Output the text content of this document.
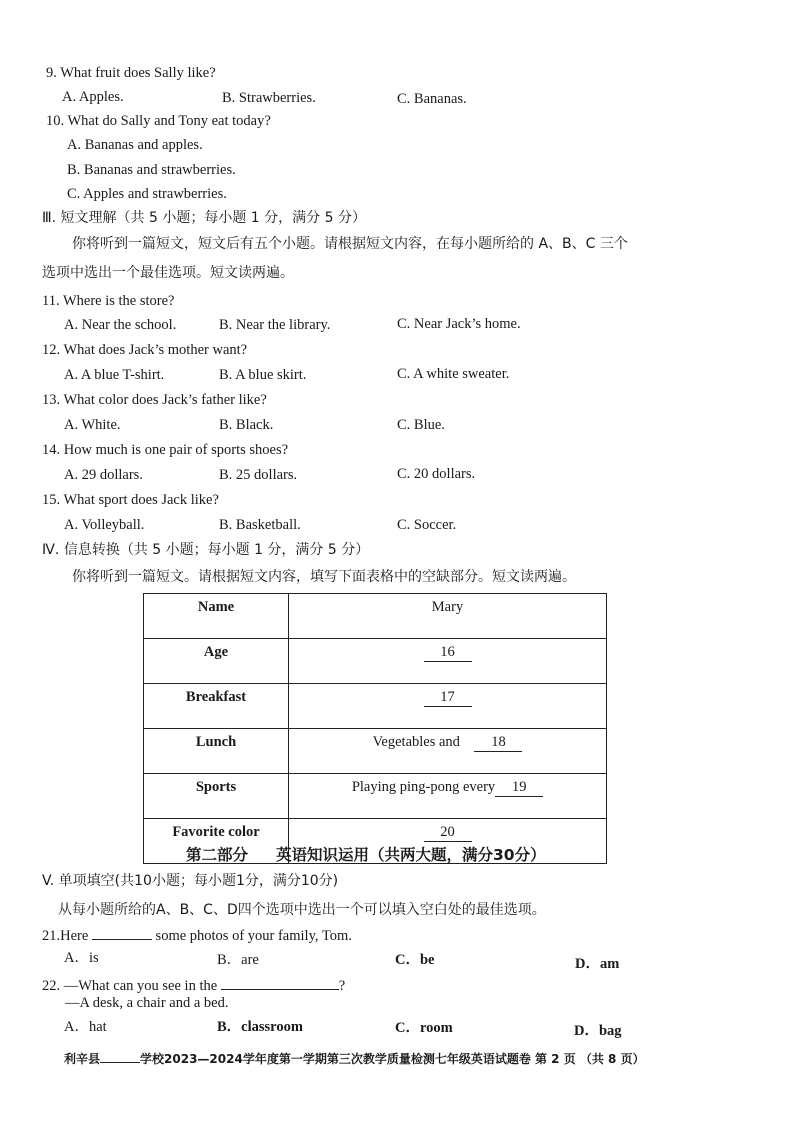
9. What fruit does Sally like?
A. Apples.	B. Strawberries.	C. Bananas.
10. What do Sally and Tony eat today?
A. Bananas and apples.
B. Bananas and strawberries.
C. Apples and strawberries.
Ⅲ. 短文理解（共 5 小题；每小题 1 分，满分 5 分）
你将听到一篇短文，短文后有五个小题。请根据短文内容，在每小题所给的 A、B、C 三个
选项中选出一个最佳选项。短文读两遍。
11. Where is the store?
A. Near the school.	B. Near the library.	C. Near Jack’s home.
12. What does Jack’s mother want?
A. A blue T-shirt.	B. A blue skirt.	C. A white sweater.
13. What color does Jack’s father like?
A. White.	B. Black.	C. Blue.
14. How much is one pair of sports shoes?
A. 29 dollars.	B. 25 dollars.	C. 20 dollars.
15. What sport does Jack like?
A. Volleyball.	B. Basketball.	C. Soccer.
Ⅳ. 信息转换（共 5 小题；每小题 1 分，满分 5 分）
你将听到一篇短文。请根据短文内容，填写下面表格中的空缺部分。短文读两遍。
Name	Mary
Age	16
Breakfast	17
Lunch	Vegetables and 18
Sports	Playing ping-pong every 19
Favorite color	20
第二部分 英语知识运用（共两大题，满分30分）
V. 单项填空(共10小题；每小题1分，满分10分)
从每小题所给的A、B、C、D四个选项中选出一个可以填入空白处的最佳选项。
21.Here	some photos of your family, Tom.
A．is	B．are	C．be	D．am
22. —What can you see in the	?
—A desk, a chair and a bed.
A．hat	B．classroom	C．room	D．bag
利辛县	学校2023—2024学年度第一学期第三次教学质量检测七年级英语试题卷 第 2 页 （共 8 页）
